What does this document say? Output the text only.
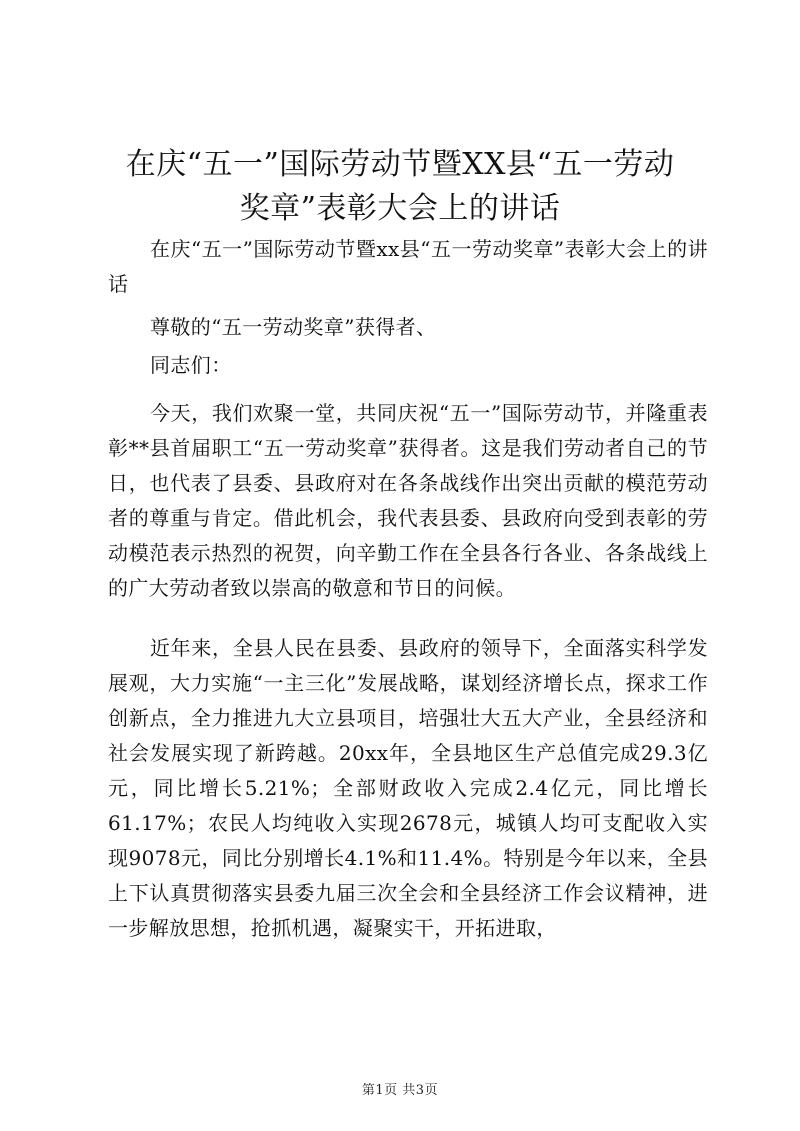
在庆“五一”国际劳动节暨XX县“五一劳动
奖章”表彰大会上的讲话

在庆“五一”国际劳动节暨xx县“五一劳动奖章”表彰大会上的讲话

尊敬的“五一劳动奖章”获得者、

同志们：

今天，我们欢聚一堂，共同庆祝“五一”国际劳动节，并隆重表彰**县首届职工“五一劳动奖章”获得者。这是我们劳动者自己的节日，也代表了县委、县政府对在各条战线作出突出贡献的模范劳动者的尊重与肯定。借此机会，我代表县委、县政府向受到表彰的劳动模范表示热烈的祝贺，向辛勤工作在全县各行各业、各条战线上的广大劳动者致以崇高的敬意和节日的问候。

近年来，全县人民在县委、县政府的领导下，全面落实科学发展观，大力实施“一主三化”发展战略，谋划经济增长点，探求工作创新点，全力推进九大立县项目，培强壮大五大产业，全县经济和社会发展实现了新跨越。20xx年，全县地区生产总值完成29.3亿元，同比增长5.21%；全部财政收入完成2.4亿元，同比增长61.17%；农民人均纯收入实现2678元，城镇人均可支配收入实现9078元，同比分别增长4.1%和11.4%。特别是今年以来，全县上下认真贯彻落实县委九届三次全会和全县经济工作会议精神，进一步解放思想，抢抓机遇，凝聚实干，开拓进取，

第1页 共3页
